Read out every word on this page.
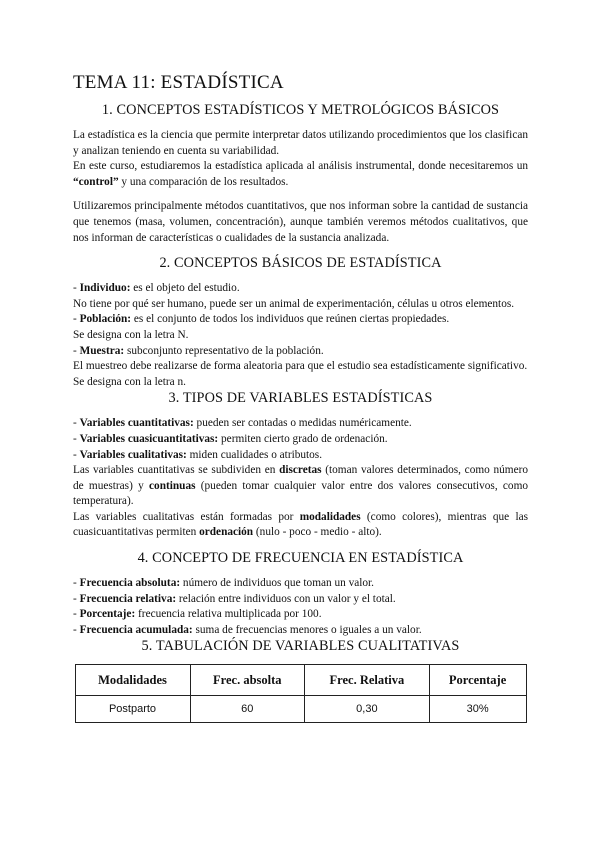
TEMA 11: ESTADÍSTICA
1. CONCEPTOS ESTADÍSTICOS Y METROLÓGICOS BÁSICOS

La estadística es la ciencia que permite interpretar datos utilizando procedimientos que los clasifican y analizan teniendo en cuenta su variabilidad.

En este curso, estudiaremos la estadística aplicada al análisis instrumental, donde necesitaremos un “control” y una comparación de los resultados.

Utilizaremos principalmente métodos cuantitativos, que nos informan sobre la cantidad de sustancia que tenemos (masa, volumen, concentración), aunque también veremos métodos cualitativos, que nos informan de características o cualidades de la sustancia analizada.

2. CONCEPTOS BÁSICOS DE ESTADÍSTICA

- Individuo: es el objeto del estudio.

No tiene por qué ser humano, puede ser un animal de experimentación, células u otros elementos.

- Población: es el conjunto de todos los individuos que reúnen ciertas propiedades.

Se designa con la letra N.

- Muestra: subconjunto representativo de la población.

El muestreo debe realizarse de forma aleatoria para que el estudio sea estadísticamente significativo.

Se designa con la letra n.

3. TIPOS DE VARIABLES ESTADÍSTICAS

- Variables cuantitativas: pueden ser contadas o medidas numéricamente.

- Variables cuasicuantitativas: permiten cierto grado de ordenación.

- Variables cualitativas: miden cualidades o atributos.

Las variables cuantitativas se subdividen en discretas (toman valores determinados, como número de muestras) y continuas (pueden tomar cualquier valor entre dos valores consecutivos, como temperatura).

Las variables cualitativas están formadas por modalidades (como colores), mientras que las cuasicuantitativas permiten ordenación (nulo - poco - medio - alto).

4. CONCEPTO DE FRECUENCIA EN ESTADÍSTICA

- Frecuencia absoluta: número de individuos que toman un valor.

- Frecuencia relativa: relación entre individuos con un valor y el total.

- Porcentaje: frecuencia relativa multiplicada por 100.

- Frecuencia acumulada: suma de frecuencias menores o iguales a un valor.

5. TABULACIÓN DE VARIABLES CUALITATIVAS
Modalidades	Frec. absolta	Frec. Relativa	Porcentaje
Postparto	60	0,30	30%
